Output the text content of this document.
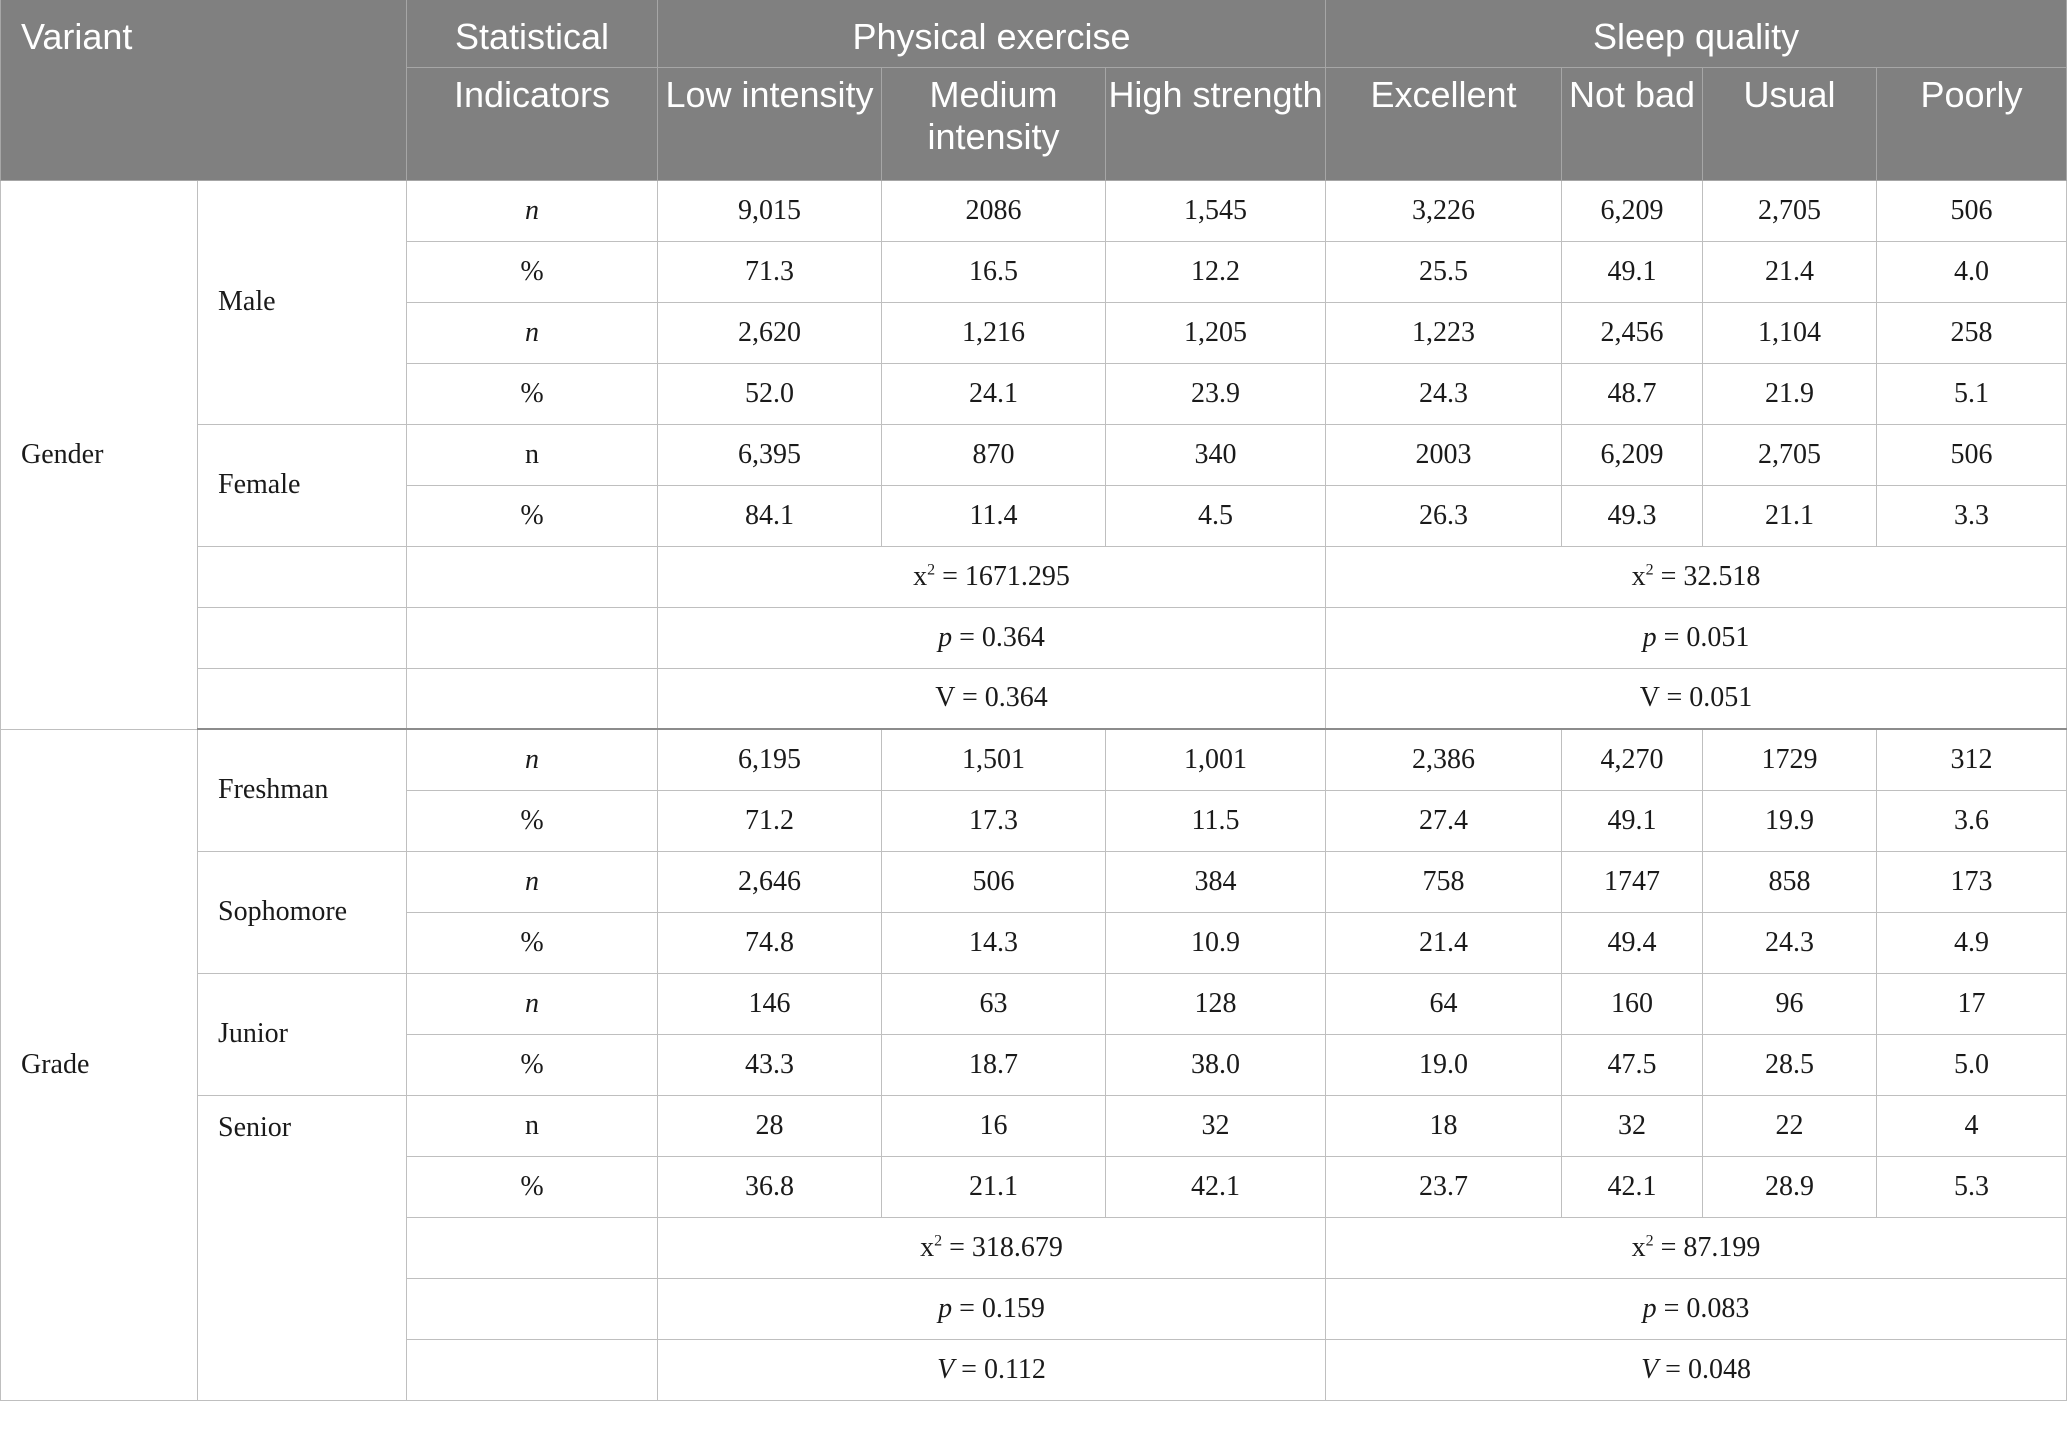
Variant		Statistical	Physical exercise			Sleep quality			
		Indicators	Low intensity	Medium intensity	High strength	Excellent	Not bad	Usual	Poorly
Gender	Male	n	9,015	2086	1,545	3,226	6,209	2,705	506
		%	71.3	16.5	12.2	25.5	49.1	21.4	4.0
		n	2,620	1,216	1,205	1,223	2,456	1,104	258
		%	52.0	24.1	23.9	24.3	48.7	21.9	5.1
	Female	n	6,395	870	340	2003	6,209	2,705	506
		%	84.1	11.4	4.5	26.3	49.3	21.1	3.3
			$x^2 = 1671.295$			$x^2 = 32.518$			
			p = 0.364			p = 0.051			
			V = 0.364			V = 0.051			
Grade	Freshman	n	6,195	1,501	1,001	2,386	4,270	1729	312
		%	71.2	17.3	11.5	27.4	49.1	19.9	3.6
	Sophomore	n	2,646	506	384	758	1747	858	173
		%	74.8	14.3	10.9	21.4	49.4	24.3	4.9
	Junior	n	146	63	128	64	160	96	17
		%	43.3	18.7	38.0	19.0	47.5	28.5	5.0
	Senior	n	28	16	32	18	32	22	4
		%	36.8	21.1	42.1	23.7	42.1	28.9	5.3
			$x^2 = 318.679$			$x^2 = 87.199$			
			p = 0.159			p = 0.083			
			V = 0.112			V = 0.048			
